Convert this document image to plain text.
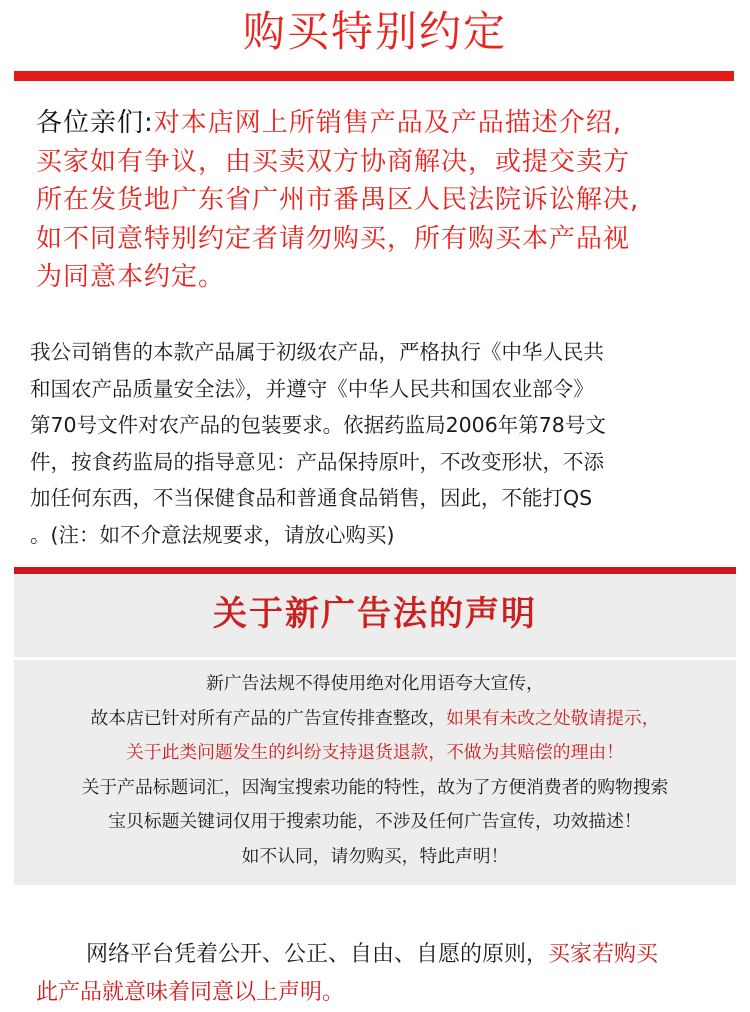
购买特别约定
各位亲们:对本店网上所销售产品及产品描述介绍,
买家如有争议，由买卖双方协商解决，或提交卖方
所在发货地广东省广州市番禺区人民法院诉讼解决,
如不同意特别约定者请勿购买，所有购买本产品视
为同意本约定。
我公司销售的本款产品属于初级农产品，严格执行《中华人民共
和国农产品质量安全法》，并遵守《中华人民共和国农业部令》
第70号文件对农产品的包装要求。依据药监局2006年第78号文
件，按食药监局的指导意见：产品保持原叶，不改变形状，不添
加任何东西，不当保健食品和普通食品销售，因此，不能打QS
。(注：如不介意法规要求，请放心购买)
关于新广告法的声明
新广告法规不得使用绝对化用语夸大宣传，
故本店已针对所有产品的广告宣传排查整改，如果有未改之处敬请提示，
关于此类问题发生的纠纷支持退货退款，不做为其赔偿的理由！
关于产品标题词汇，因淘宝搜索功能的特性，故为了方便消费者的购物搜索
宝贝标题关键词仅用于搜索功能，不涉及任何广告宣传，功效描述！
如不认同，请勿购买，特此声明！
网络平台凭着公开、公正、自由、自愿的原则，买家若购买
此产品就意味着同意以上声明。
